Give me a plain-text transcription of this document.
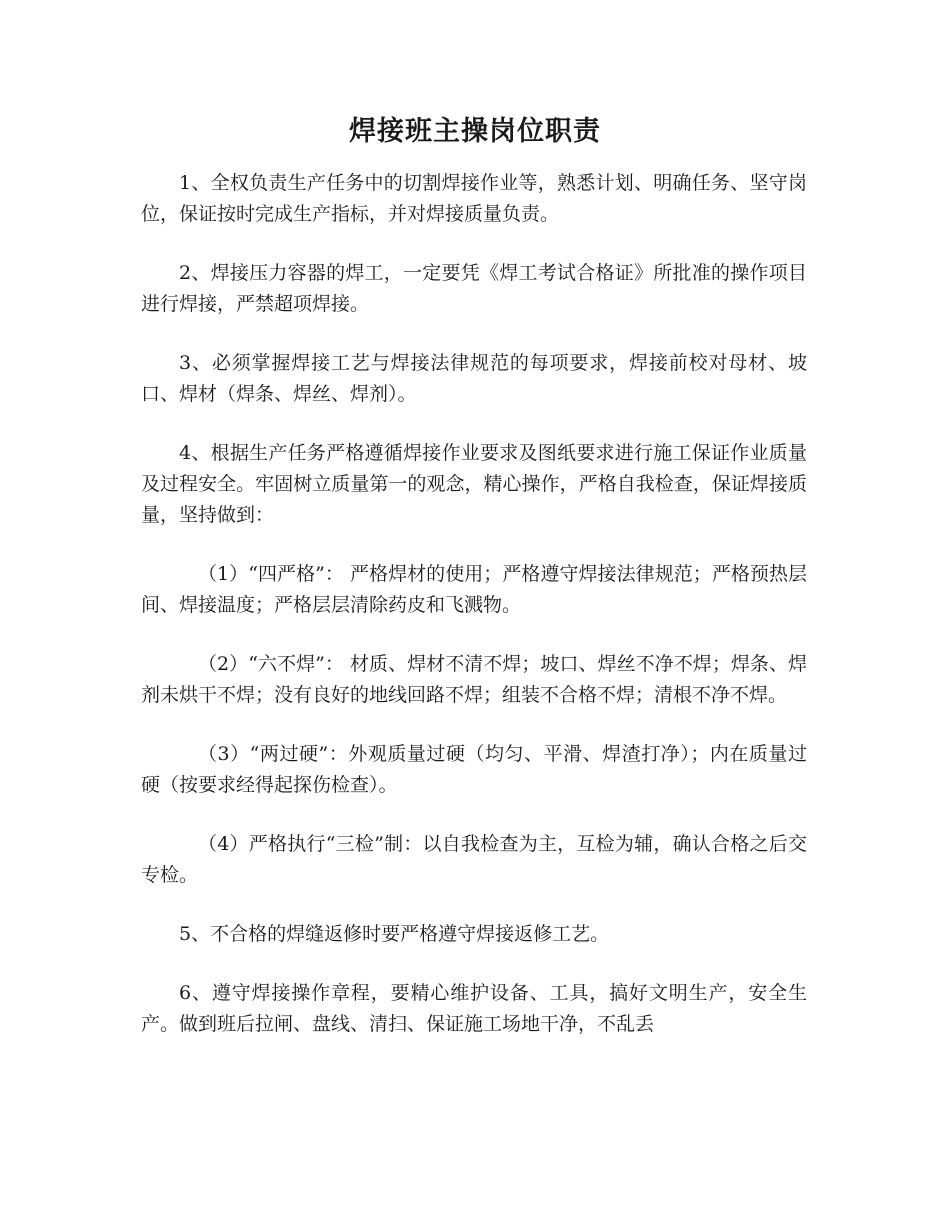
焊接班主操岗位职责

1、全权负责生产任务中的切割焊接作业等，熟悉计划、明确任务、坚守岗位，保证按时完成生产指标，并对焊接质量负责。

2、焊接压力容器的焊工，一定要凭《焊工考试合格证》所批准的操作项目进行焊接，严禁超项焊接。

3、必须掌握焊接工艺与焊接法律规范的每项要求，焊接前校对母材、坡口、焊材（焊条、焊丝、焊剂）。

4、根据生产任务严格遵循焊接作业要求及图纸要求进行施工保证作业质量及过程安全。牢固树立质量第一的观念，精心操作，严格自我检查，保证焊接质量，坚持做到：

（1）“四严格”： 严格焊材的使用；严格遵守焊接法律规范；严格预热层间、焊接温度；严格层层清除药皮和飞溅物。

（2）“六不焊”： 材质、焊材不清不焊；坡口、焊丝不净不焊；焊条、焊剂未烘干不焊；没有良好的地线回路不焊；组装不合格不焊；清根不净不焊。

（3）“两过硬”：外观质量过硬（均匀、平滑、焊渣打净）；内在质量过硬（按要求经得起探伤检查）。

（4）严格执行“三检”制：以自我检查为主，互检为辅，确认合格之后交专检。

5、不合格的焊缝返修时要严格遵守焊接返修工艺。

6、遵守焊接操作章程，要精心维护设备、工具，搞好文明生产，安全生产。做到班后拉闸、盘线、清扫、保证施工场地干净，不乱丢
